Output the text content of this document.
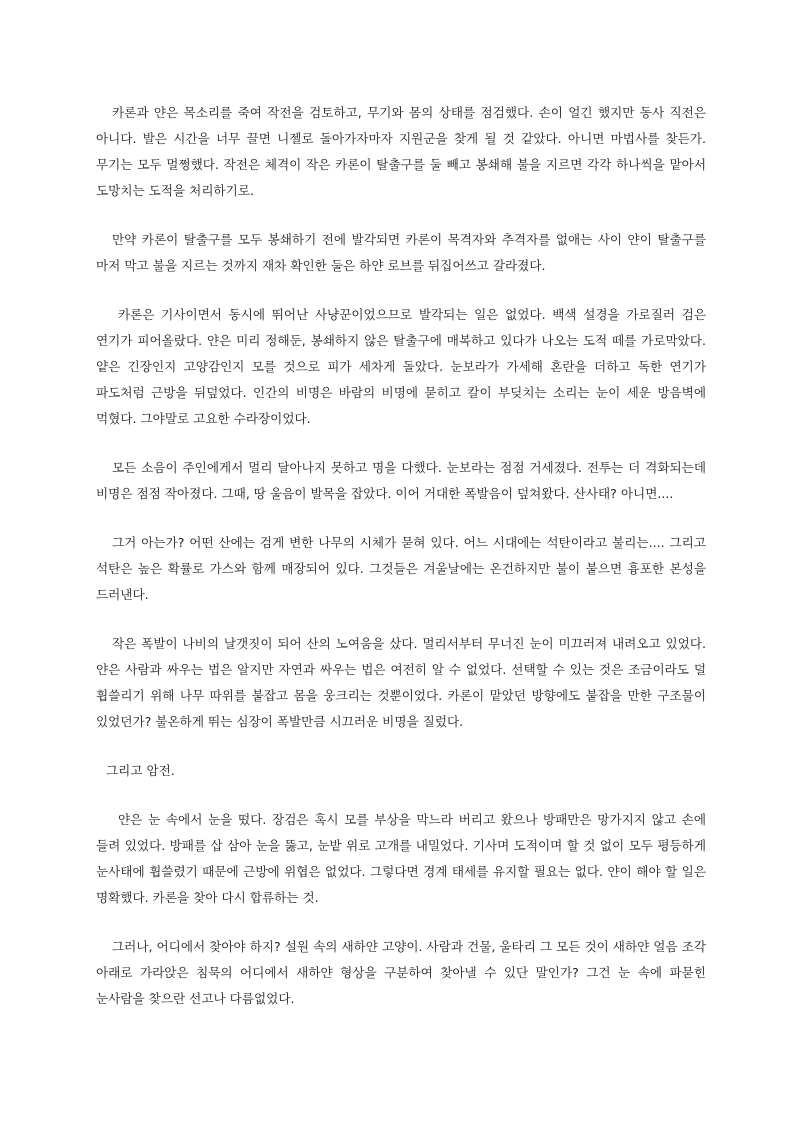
카론과 얀은 목소리를 죽여 작전을 검토하고, 무기와 몸의 상태를 점검했다. 손이 얼긴 했지만 동사 직전은 아니다. 발은 시간을 너무 끌면 니젤로 돌아가자마자 지원군을 찾게 될 것 같았다. 아니면 마법사를 찾든가. 무기는 모두 멀쩡했다. 작전은 체격이 작은 카론이 탈출구를 둘 빼고 봉쇄해 불을 지르면 각각 하나씩을 맡아서 도망치는 도적을 처리하기로.

만약 카론이 탈출구를 모두 봉쇄하기 전에 발각되면 카론이 목격자와 추격자를 없애는 사이 얀이 탈출구를 마저 막고 불을 지르는 것까지 재차 확인한 둘은 하얀 로브를 뒤집어쓰고 갈라졌다.

카론은 기사이면서 동시에 뛰어난 사냥꾼이었으므로 발각되는 일은 없었다. 백색 설경을 가로질러 검은 연기가 피어올랐다. 얀은 미리 정해둔, 봉쇄하지 않은 탈출구에 매복하고 있다가 나오는 도적 떼를 가로막았다. 얕은 긴장인지 고양감인지 모를 것으로 피가 세차게 돌았다. 눈보라가 가세해 혼란을 더하고 독한 연기가 파도처럼 근방을 뒤덮었다. 인간의 비명은 바람의 비명에 묻히고 칼이 부딪치는 소리는 눈이 세운 방음벽에 먹혔다. 그야말로 고요한 수라장이었다.

모든 소음이 주인에게서 멀리 달아나지 못하고 명을 다했다. 눈보라는 점점 거세졌다. 전투는 더 격화되는데 비명은 점점 작아졌다. 그때, 땅 울음이 발목을 잡았다. 이어 거대한 폭발음이 덮쳐왔다. 산사태? 아니면....

그거 아는가? 어떤 산에는 검게 변한 나무의 시체가 묻혀 있다. 어느 시대에는 석탄이라고 불리는.... 그리고 석탄은 높은 확률로 가스와 함께 매장되어 있다. 그것들은 겨울날에는 온건하지만 불이 붙으면 흉포한 본성을 드러낸다.

작은 폭발이 나비의 날갯짓이 되어 산의 노여움을 샀다. 멀리서부터 무너진 눈이 미끄러져 내려오고 있었다. 얀은 사람과 싸우는 법은 알지만 자연과 싸우는 법은 여전히 알 수 없었다. 선택할 수 있는 것은 조금이라도 덜 휩쓸리기 위해 나무 따위를 붙잡고 몸을 웅크리는 것뿐이었다. 카론이 맡았던 방향에도 붙잡을 만한 구조물이 있었던가? 불온하게 뛰는 심장이 폭발만큼 시끄러운 비명을 질렀다.

그리고 암전.

얀은 눈 속에서 눈을 떴다. 장검은 혹시 모를 부상을 막느라 버리고 왔으나 방패만은 망가지지 않고 손에 들려 있었다. 방패를 삽 삼아 눈을 뚫고, 눈밭 위로 고개를 내밀었다. 기사며 도적이며 할 것 없이 모두 평등하게 눈사태에 휩쓸렸기 때문에 근방에 위협은 없었다. 그렇다면 경계 태세를 유지할 필요는 없다. 얀이 해야 할 일은 명확했다. 카론을 찾아 다시 합류하는 것.

그러나, 어디에서 찾아야 하지? 설원 속의 새하얀 고양이. 사람과 건물, 울타리 그 모든 것이 새하얀 얼음 조각 아래로 가라앉은 침묵의 어디에서 새하얀 형상을 구분하여 찾아낼 수 있단 말인가? 그건 눈 속에 파묻힌 눈사람을 찾으란 선고나 다름없었다.
